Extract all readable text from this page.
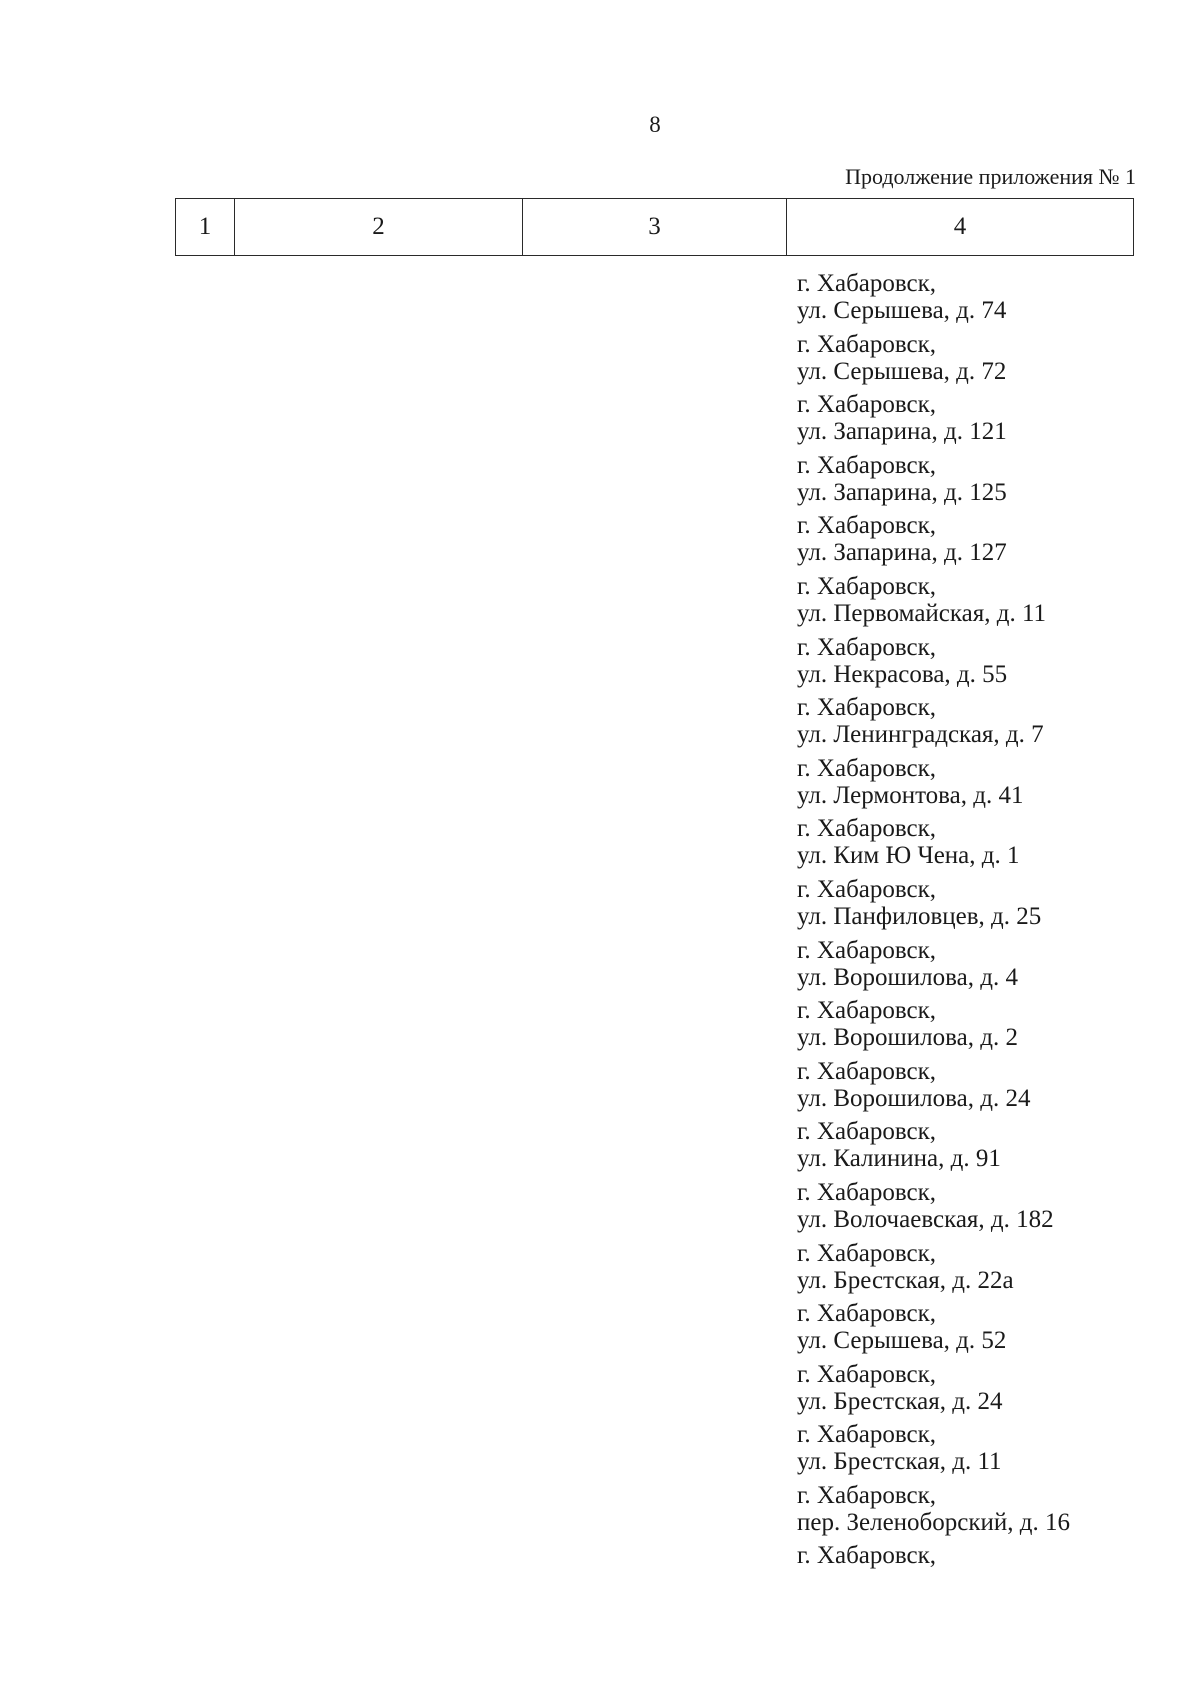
8
Продолжение приложения № 1
1	2	3	4
г. Хабаровск,
ул. Серышева, д. 74
г. Хабаровск,
ул. Серышева, д. 72
г. Хабаровск,
ул. Запарина, д. 121
г. Хабаровск,
ул. Запарина, д. 125
г. Хабаровск,
ул. Запарина, д. 127
г. Хабаровск,
ул. Первомайская, д. 11
г. Хабаровск,
ул. Некрасова, д. 55
г. Хабаровск,
ул. Ленинградская, д. 7
г. Хабаровск,
ул. Лермонтова, д. 41
г. Хабаровск,
ул. Ким Ю Чена, д. 1
г. Хабаровск,
ул. Панфиловцев, д. 25
г. Хабаровск,
ул. Ворошилова, д. 4
г. Хабаровск,
ул. Ворошилова, д. 2
г. Хабаровск,
ул. Ворошилова, д. 24
г. Хабаровск,
ул. Калинина, д. 91
г. Хабаровск,
ул. Волочаевская, д. 182
г. Хабаровск,
ул. Брестская, д. 22а
г. Хабаровск,
ул. Серышева, д. 52
г. Хабаровск,
ул. Брестская, д. 24
г. Хабаровск,
ул. Брестская, д. 11
г. Хабаровск,
пер. Зеленоборский, д. 16
г. Хабаровск,
